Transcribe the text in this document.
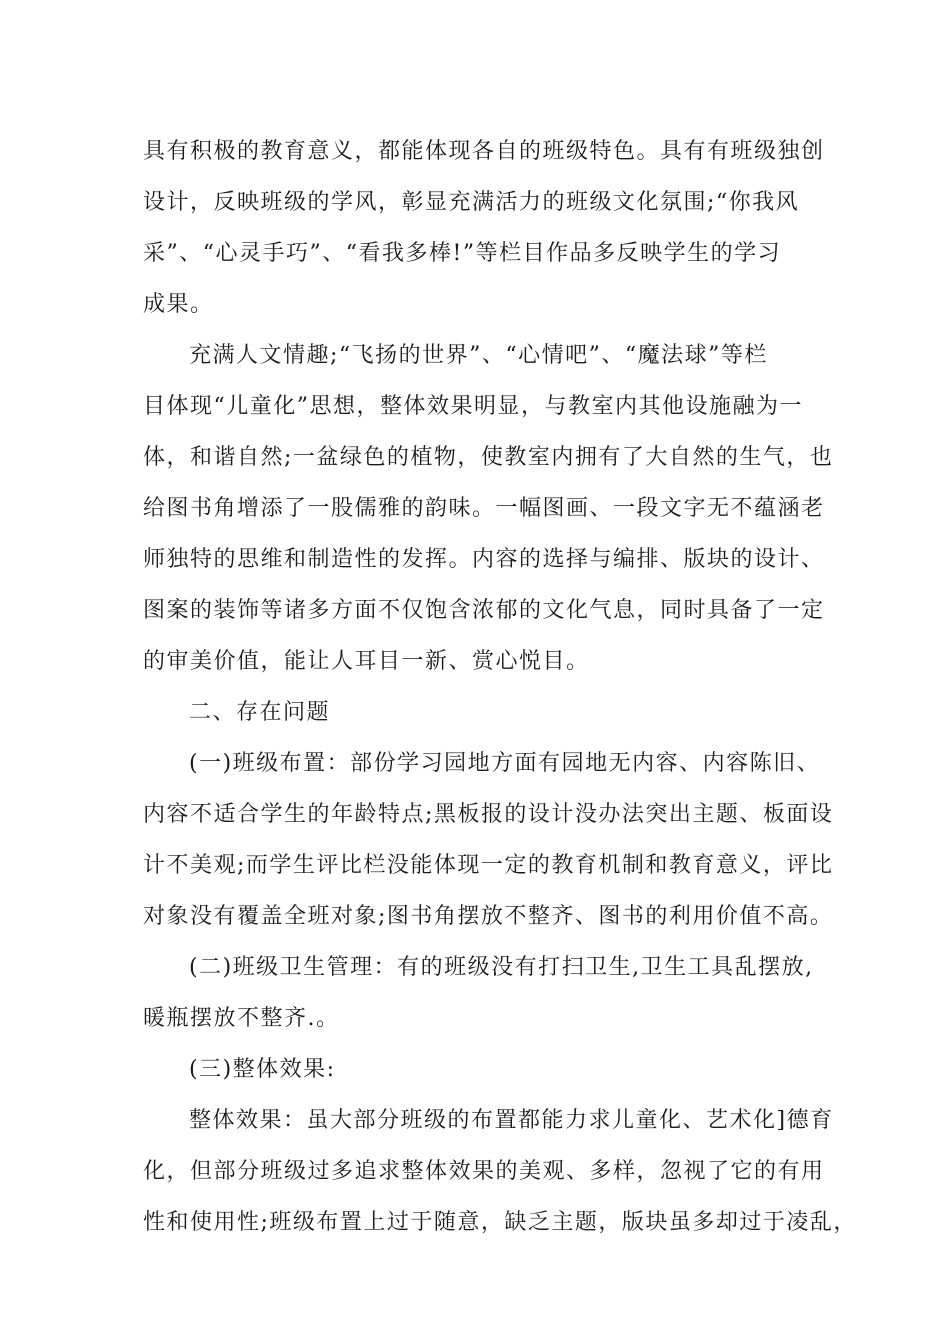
具有积极的教育意义，都能体现各自的班级特色。具有有班级独创
设计，反映班级的学风，彰显充满活力的班级文化氛围;“你我风
采”、“心灵手巧”、“看我多棒!”等栏目作品多反映学生的学习
成果。

充满人文情趣;“飞扬的世界”、“心情吧”、“魔法球”等栏
目体现“儿童化”思想，整体效果明显，与教室内其他设施融为一
体，和谐自然;一盆绿色的植物，使教室内拥有了大自然的生气，也
给图书角增添了一股儒雅的韵味。一幅图画、一段文字无不蕴涵老
师独特的思维和制造性的发挥。内容的选择与编排、版块的设计、
图案的装饰等诸多方面不仅饱含浓郁的文化气息，同时具备了一定
的审美价值，能让人耳目一新、赏心悦目。

二、存在问题

(一)班级布置：部份学习园地方面有园地无内容、内容陈旧、
内容不适合学生的年龄特点;黑板报的设计没办法突出主题、板面设
计不美观;而学生评比栏没能体现一定的教育机制和教育意义，评比
对象没有覆盖全班对象;图书角摆放不整齐、图书的利用价值不高。

(二)班级卫生管理：有的班级没有打扫卫生,卫生工具乱摆放,
暖瓶摆放不整齐.。

(三)整体效果:

整体效果：虽大部分班级的布置都能力求儿童化、艺术化]德育
化，但部分班级过多追求整体效果的美观、多样，忽视了它的有用
性和使用性;班级布置上过于随意，缺乏主题，版块虽多却过于凌乱，
